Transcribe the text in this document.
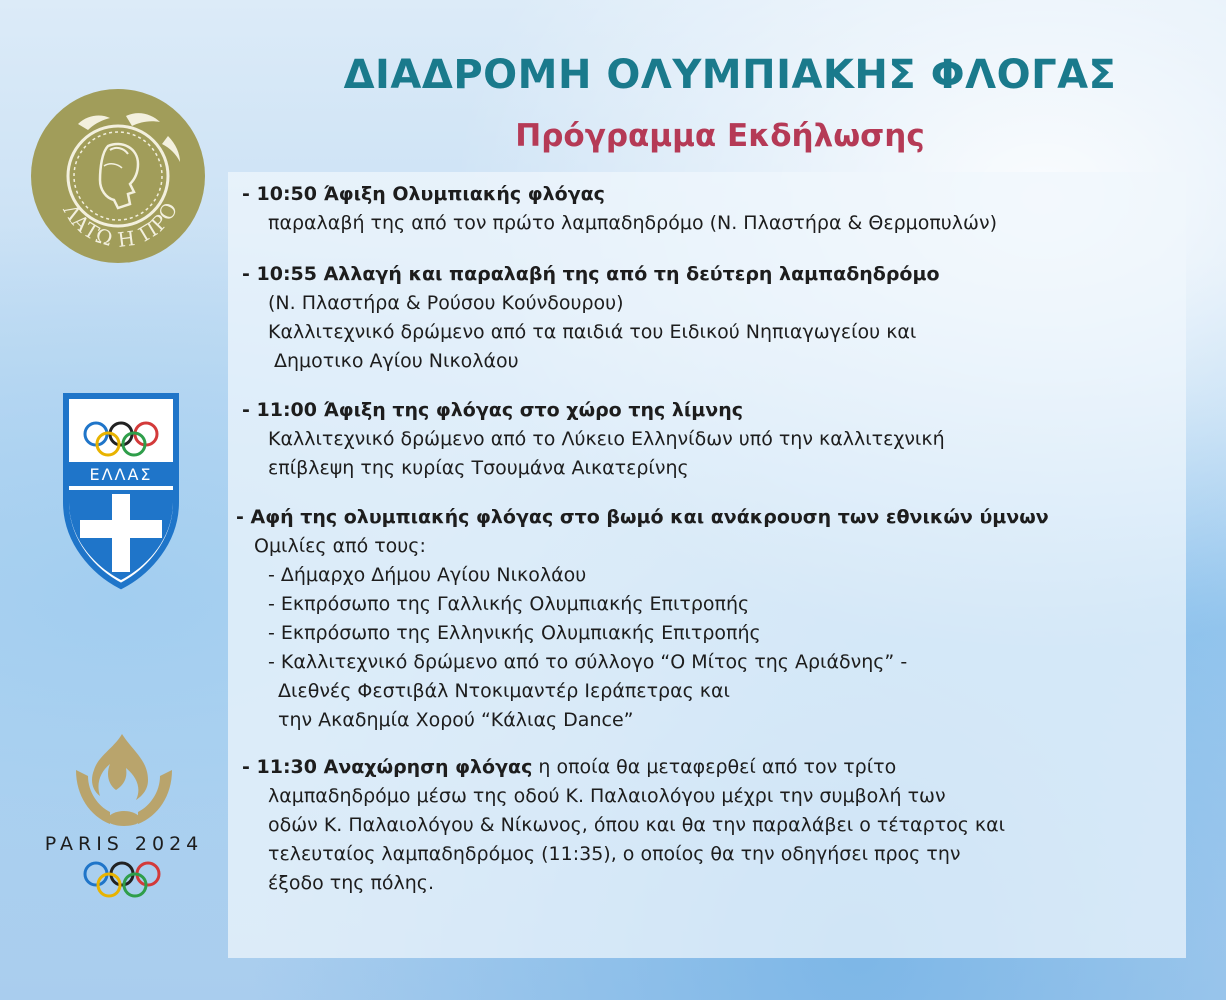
ΔΙΑΔΡΟΜΗ ΟΛΥΜΠΙΑΚΗΣ ΦΛΟΓΑΣ
Πρόγραμμα Εκδήλωσης
ΛΑΤΩ Η ΠΡΟ
ΕΛΛΑΣ
PARIS 2024
- 10:50 Άφιξη Ολυμπιακής φλόγας
παραλαβή της από τον πρώτο λαμπαδηδρόμο (Ν. Πλαστήρα & Θερμοπυλών)
- 10:55 Αλλαγή και παραλαβή της από τη δεύτερη λαμπαδηδρόμο
(Ν. Πλαστήρα & Ρούσου Κούνδουρου)
Καλλιτεχνικό δρώμενο από τα παιδιά του Ειδικού Νηπιαγωγείου και
Δημοτικο Αγίου Νικολάου
- 11:00 Άφιξη της φλόγας στο χώρο της λίμνης
Καλλιτεχνικό δρώμενο από το Λύκειο Ελληνίδων υπό την καλλιτεχνική
επίβλεψη της κυρίας Τσουμάνα Αικατερίνης
- Αφή της ολυμπιακής φλόγας στο βωμό και ανάκρουση των εθνικών ύμνων
Ομιλίες από τους:
- Δήμαρχο Δήμου Αγίου Νικολάου
- Εκπρόσωπο της Γαλλικής Ολυμπιακής Επιτροπής
- Εκπρόσωπο της Ελληνικής Ολυμπιακής Επιτροπής
- Καλλιτεχνικό δρώμενο από το σύλλογο “Ο Μίτος της Αριάδνης” -
Διεθνές Φεστιβάλ Ντοκιμαντέρ Ιεράπετρας και
την Ακαδημία Χορού “Κάλιας Dance”
- 11:30 Αναχώρηση φλόγας η οποία θα μεταφερθεί από τον τρίτο
λαμπαδηδρόμο μέσω της οδού Κ. Παλαιολόγου μέχρι την συμβολή των
οδών Κ. Παλαιολόγου & Νίκωνος, όπου και θα την παραλάβει ο τέταρτος και
τελευταίος λαμπαδηδρόμος (11:35), ο οποίος θα την οδηγήσει προς την
έξοδο της πόλης.
